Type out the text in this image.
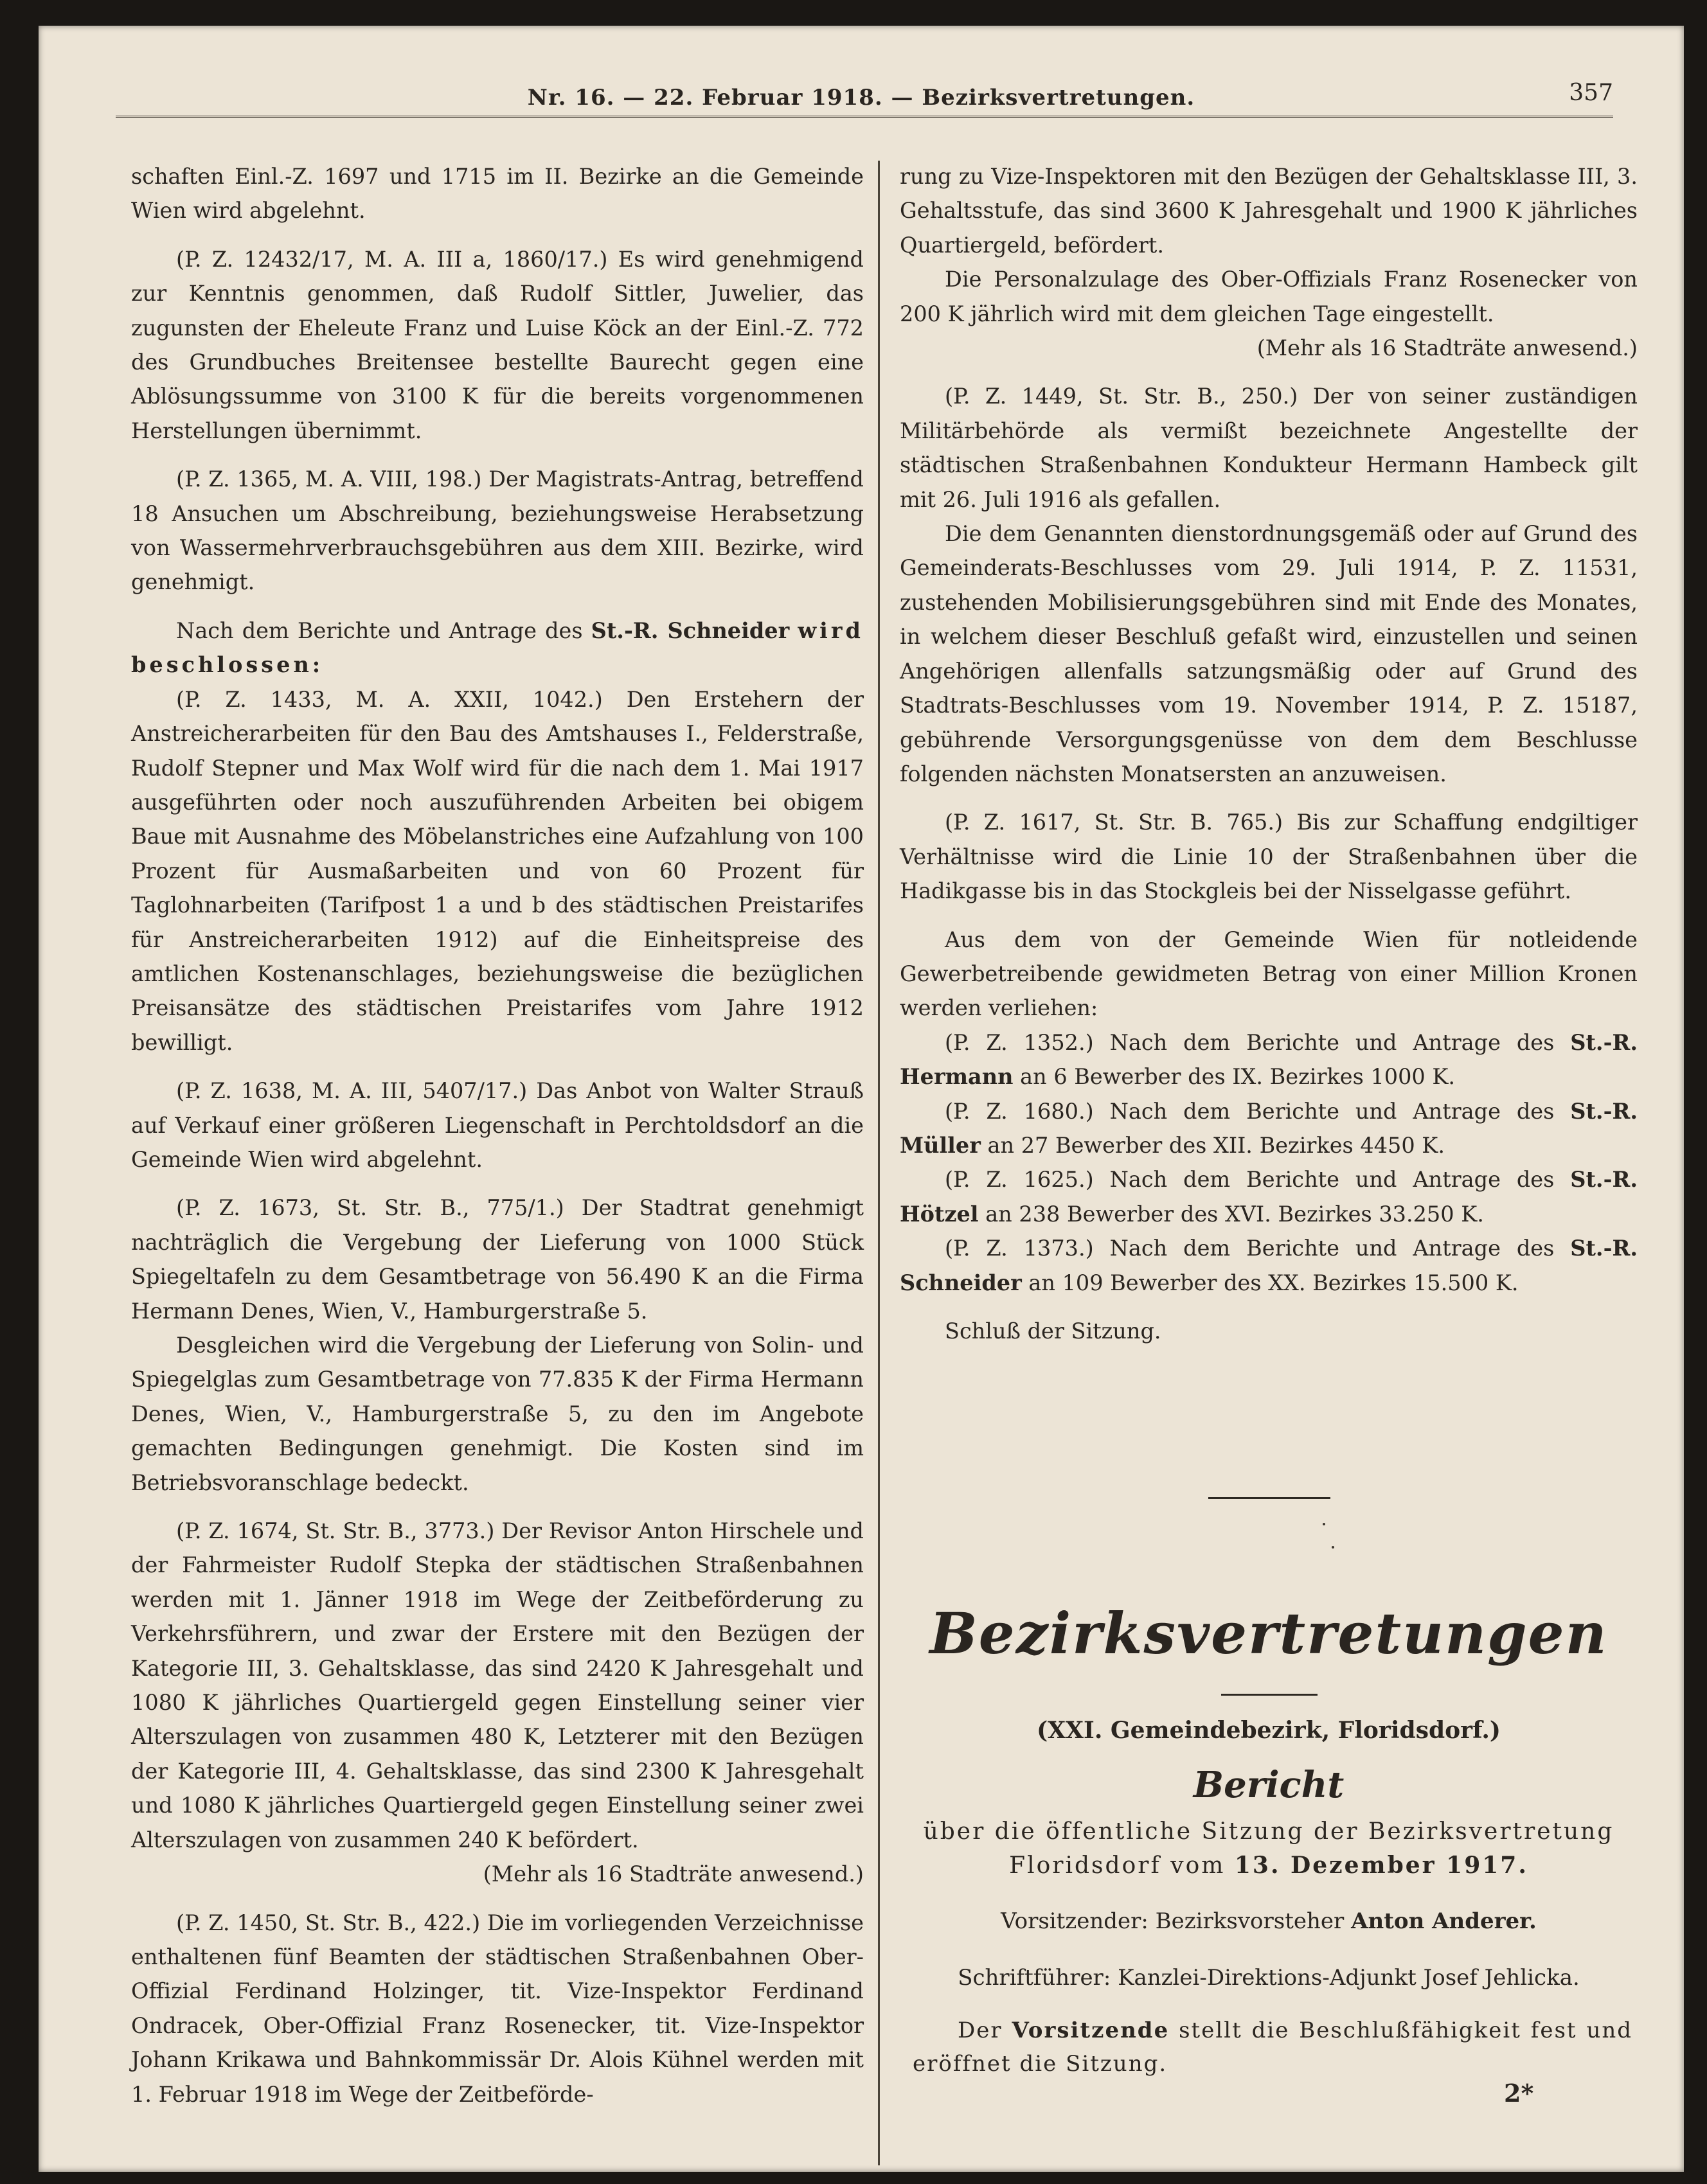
Nr. 16. — 22. Februar 1918. — Bezirksvertretungen.	357

schaften Einl.-Z. 1697 und 1715 im II. Bezirke an die Gemeinde Wien wird abgelehnt.

(P. Z. 12432/17, M. A. III a, 1860/17.) Es wird genehmigend zur Kenntnis genommen, daß Rudolf Sittler, Juwelier, das zugunsten der Eheleute Franz und Luise Köck an der Einl.-Z. 772 des Grundbuches Breitensee bestellte Baurecht gegen eine Ablösungssumme von 3100 K für die bereits vorgenommenen Herstellungen übernimmt.

(P. Z. 1365, M. A. VIII, 198.) Der Magistrats-Antrag, betreffend 18 Ansuchen um Abschreibung, beziehungsweise Herabsetzung von Wassermehrverbrauchsgebühren aus dem XIII. Bezirke, wird genehmigt.

Nach dem Berichte und Antrage des St.-R. Schneider wird beschlossen:

(P. Z. 1433, M. A. XXII, 1042.) Den Erstehern der Anstreicherarbeiten für den Bau des Amtshauses I., Felderstraße, Rudolf Stepner und Max Wolf wird für die nach dem 1. Mai 1917 ausgeführten oder noch auszuführenden Arbeiten bei obigem Baue mit Ausnahme des Möbelanstriches eine Aufzahlung von 100 Prozent für Ausmaßarbeiten und von 60 Prozent für Taglohnarbeiten (Tarifpost 1 a und b des städtischen Preistarifes für Anstreicherarbeiten 1912) auf die Einheitspreise des amtlichen Kostenanschlages, beziehungsweise die bezüglichen Preisansätze des städtischen Preistarifes vom Jahre 1912 bewilligt.

(P. Z. 1638, M. A. III, 5407/17.) Das Anbot von Walter Strauß auf Verkauf einer größeren Liegenschaft in Perchtoldsdorf an die Gemeinde Wien wird abgelehnt.

(P. Z. 1673, St. Str. B., 775/1.) Der Stadtrat genehmigt nachträglich die Vergebung der Lieferung von 1000 Stück Spiegeltafeln zu dem Gesamtbetrage von 56.490 K an die Firma Hermann Denes, Wien, V., Hamburgerstraße 5.

Desgleichen wird die Vergebung der Lieferung von Solin- und Spiegelglas zum Gesamtbetrage von 77.835 K der Firma Hermann Denes, Wien, V., Hamburgerstraße 5, zu den im Angebote gemachten Bedingungen genehmigt. Die Kosten sind im Betriebsvoranschlage bedeckt.

(P. Z. 1674, St. Str. B., 3773.) Der Revisor Anton Hirschele und der Fahrmeister Rudolf Stepka der städtischen Straßenbahnen werden mit 1. Jänner 1918 im Wege der Zeitbeförderung zu Verkehrsführern, und zwar der Erstere mit den Bezügen der Kategorie III, 3. Gehaltsklasse, das sind 2420 K Jahresgehalt und 1080 K jährliches Quartiergeld gegen Einstellung seiner vier Alterszulagen von zusammen 480 K, Letzterer mit den Bezügen der Kategorie III, 4. Gehaltsklasse, das sind 2300 K Jahresgehalt und 1080 K jährliches Quartiergeld gegen Einstellung seiner zwei Alterszulagen von zusammen 240 K befördert.

(Mehr als 16 Stadträte anwesend.)

(P. Z. 1450, St. Str. B., 422.) Die im vorliegenden Verzeichnisse enthaltenen fünf Beamten der städtischen Straßenbahnen Ober-Offizial Ferdinand Holzinger, tit. Vize-Inspektor Ferdinand Ondracek, Ober-Offizial Franz Rosenecker, tit. Vize-Inspektor Johann Krikawa und Bahnkommissär Dr. Alois Kühnel werden mit 1. Februar 1918 im Wege der Zeitbeförde-

rung zu Vize-Inspektoren mit den Bezügen der Gehaltsklasse III, 3. Gehaltsstufe, das sind 3600 K Jahresgehalt und 1900 K jährliches Quartiergeld, befördert.

Die Personalzulage des Ober-Offizials Franz Rosenecker von 200 K jährlich wird mit dem gleichen Tage eingestellt.

(Mehr als 16 Stadträte anwesend.)

(P. Z. 1449, St. Str. B., 250.) Der von seiner zuständigen Militärbehörde als vermißt bezeichnete Angestellte der städtischen Straßenbahnen Kondukteur Hermann Hambeck gilt mit 26. Juli 1916 als gefallen.

Die dem Genannten dienstordnungsgemäß oder auf Grund des Gemeinderats-Beschlusses vom 29. Juli 1914, P. Z. 11531, zustehenden Mobilisierungsgebühren sind mit Ende des Monates, in welchem dieser Beschluß gefaßt wird, einzustellen und seinen Angehörigen allenfalls satzungsmäßig oder auf Grund des Stadtrats-Beschlusses vom 19. November 1914, P. Z. 15187, gebührende Versorgungsgenüsse von dem dem Beschlusse folgenden nächsten Monatsersten an anzuweisen.

(P. Z. 1617, St. Str. B. 765.) Bis zur Schaffung endgiltiger Verhältnisse wird die Linie 10 der Straßenbahnen über die Hadikgasse bis in das Stockgleis bei der Nisselgasse geführt.

Aus dem von der Gemeinde Wien für notleidende Gewerbetreibende gewidmeten Betrag von einer Million Kronen werden verliehen:

(P. Z. 1352.) Nach dem Berichte und Antrage des St.-R. Hermann an 6 Bewerber des IX. Bezirkes 1000 K.

(P. Z. 1680.) Nach dem Berichte und Antrage des St.-R. Müller an 27 Bewerber des XII. Bezirkes 4450 K.

(P. Z. 1625.) Nach dem Berichte und Antrage des St.-R. Hötzel an 238 Bewerber des XVI. Bezirkes 33.250 K.

(P. Z. 1373.) Nach dem Berichte und Antrage des St.-R. Schneider an 109 Bewerber des XX. Bezirkes 15.500 K.

Schluß der Sitzung.

Bezirksvertretungen
(XXI. Gemeindebezirk, Floridsdorf.)
Bericht
über die öffentliche Sitzung der Bezirksvertretung
Floridsdorf vom 13. Dezember 1917.
Vorsitzender: Bezirksvorsteher Anton Anderer.
Schriftführer: Kanzlei-Direktions-Adjunkt Josef Jehlicka.
Der Vorsitzende stellt die Beschlußfähigkeit fest und eröffnet die Sitzung.
2*
